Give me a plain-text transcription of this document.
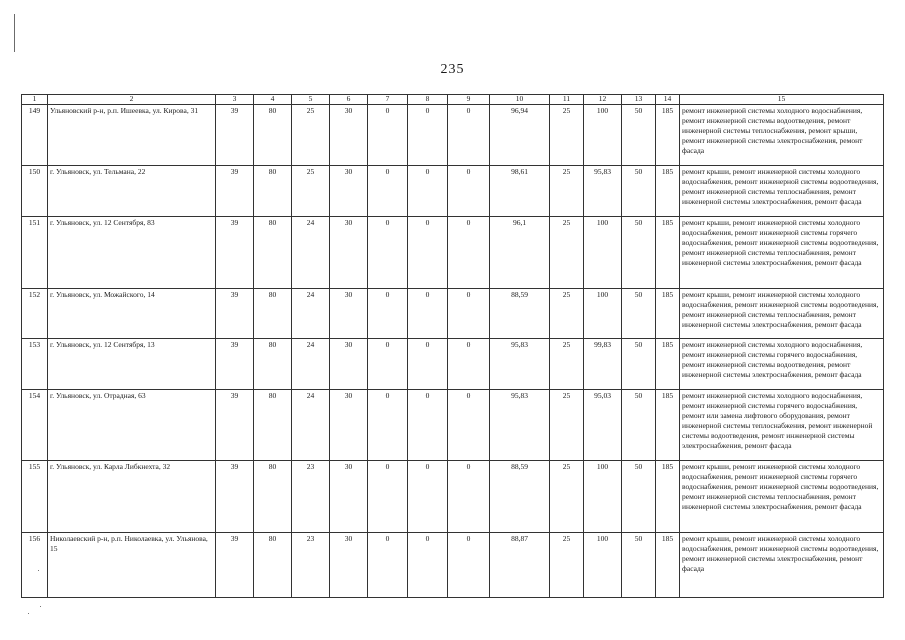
235
1	2	3	4	5	6	7	8	9	10	11	12	13	14	15
149	Ульяновский р-н, р.п. Ишеевка, ул. Кирова, 31	39	80	25	30	0	0	0	96,94	25	100	50	185	ремонт инженерной системы холодного водоснабжения, ремонт инженерной системы водоотведения, ремонт инженерной системы теплоснабжения, ремонт крыши, ремонт инженерной системы электроснабжения, ремонт фасада
150	г. Ульяновск, ул. Тельмана, 22	39	80	25	30	0	0	0	98,61	25	95,83	50	185	ремонт крыши, ремонт инженерной системы холодного водоснабжения, ремонт инженерной системы водоотведения, ремонт инженерной системы теплоснабжения, ремонт инженерной системы электроснабжения, ремонт фасада
151	г. Ульяновск, ул. 12 Сентября, 83	39	80	24	30	0	0	0	96,1	25	100	50	185	ремонт крыши, ремонт инженерной системы холодного водоснабжения, ремонт инженерной системы горячего водоснабжения, ремонт инженерной системы водоотведения, ремонт инженерной системы теплоснабжения, ремонт инженерной системы электроснабжения, ремонт фасада
152	г. Ульяновск, ул. Можайского, 14	39	80	24	30	0	0	0	88,59	25	100	50	185	ремонт крыши, ремонт инженерной системы холодного водоснабжения, ремонт инженерной системы водоотведения, ремонт инженерной системы теплоснабжения, ремонт инженерной системы электроснабжения, ремонт фасада
153	г. Ульяновск, ул. 12 Сентября, 13	39	80	24	30	0	0	0	95,83	25	99,83	50	185	ремонт инженерной системы холодного водоснабжения, ремонт инженерной системы горячего водоснабжения, ремонт инженерной системы водоотведения, ремонт инженерной системы электроснабжения, ремонт фасада
154	г. Ульяновск, ул. Отрадная, 63	39	80	24	30	0	0	0	95,83	25	95,03	50	185	ремонт инженерной системы холодного водоснабжения, ремонт инженерной системы горячего водоснабжения, ремонт или замена лифтового оборудования, ремонт инженерной системы теплоснабжения, ремонт инженерной системы водоотведения, ремонт инженерной системы электроснабжения, ремонт фасада
155	г. Ульяновск, ул. Карла Либкнехта, 32	39	80	23	30	0	0	0	88,59	25	100	50	185	ремонт крыши, ремонт инженерной системы холодного водоснабжения, ремонт инженерной системы горячего водоснабжения, ремонт инженерной системы водоотведения, ремонт инженерной системы теплоснабжения, ремонт инженерной системы электроснабжения, ремонт фасада
156	Николаевский р-н, р.п. Николаевка, ул. Ульянова, 15	39	80	23	30	0	0	0	88,87	25	100	50	185	ремонт крыши, ремонт инженерной системы холодного водоснабжения, ремонт инженерной системы водоотведения, ремонт инженерной системы электроснабжения, ремонт фасада
